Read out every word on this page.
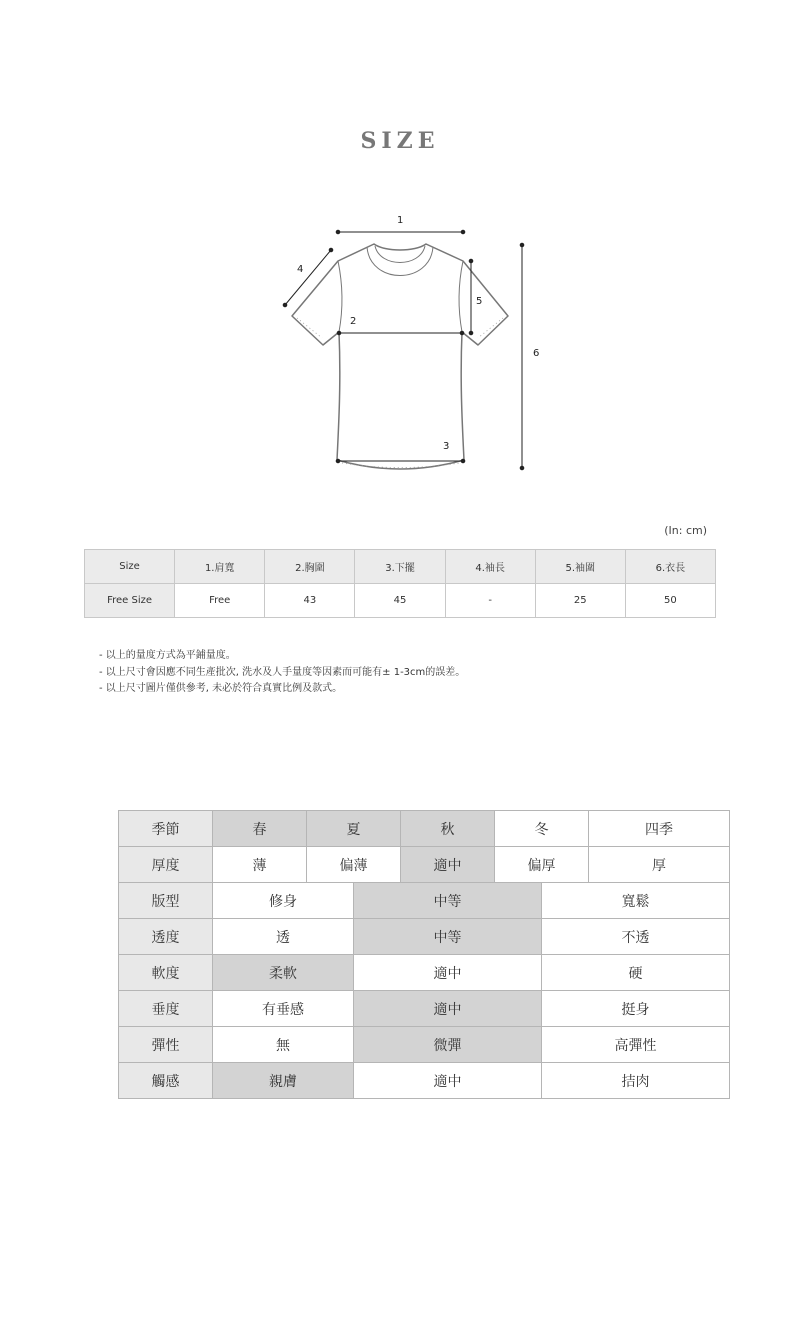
SIZE
1
2
3
4
5
6
(In: cm)
Size	1.肩寬	2.胸圍	3.下擺	4.袖長	5.袖圍	6.衣長
Free Size	Free	43	45	-	25	50
- 以上的量度方式為平鋪量度。
- 以上尺寸會因應不同生產批次, 洗水及人手量度等因素而可能有± 1-3cm的誤差。
- 以上尺寸圖片僅供參考, 未必於符合真實比例及款式。
季節	春	夏		秋	冬		四季
厚度	薄	偏薄		適中	偏厚		厚
版型	修身		中等			寬鬆	
透度	透		中等			不透	
軟度	柔軟		適中			硬	
垂度	有垂感		適中			挺身	
彈性	無		微彈			高彈性	
觸感	親膚		適中			拮肉	
